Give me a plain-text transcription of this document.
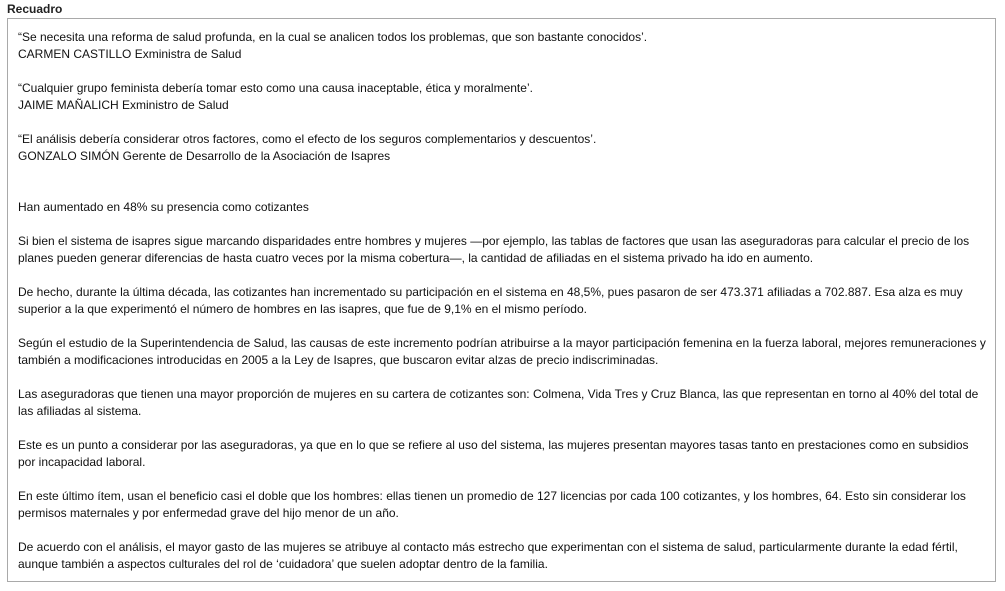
Recuadro

“Se necesita una reforma de salud profunda, en la cual se analicen todos los problemas, que son bastante conocidos’.

CARMEN CASTILLO Exministra de Salud

“Cualquier grupo feminista debería tomar esto como una causa inaceptable, ética y moralmente’.

JAIME MAÑALICH Exministro de Salud

“El análisis debería considerar otros factores, como el efecto de los seguros complementarios y descuentos’.

GONZALO SIMÓN Gerente de Desarrollo de la Asociación de Isapres

Han aumentado en 48% su presencia como cotizantes

Si bien el sistema de isapres sigue marcando disparidades entre hombres y mujeres —por ejemplo, las tablas de factores que usan las aseguradoras para calcular el precio de los planes pueden generar diferencias de hasta cuatro veces por la misma cobertura—, la cantidad de afiliadas en el sistema privado ha ido en aumento.

De hecho, durante la última década, las cotizantes han incrementado su participación en el sistema en 48,5%, pues pasaron de ser 473.371 afiliadas a 702.887. Esa alza es muy superior a la que experimentó el número de hombres en las isapres, que fue de 9,1% en el mismo período.

Según el estudio de la Superintendencia de Salud, las causas de este incremento podrían atribuirse a la mayor participación femenina en la fuerza laboral, mejores remuneraciones y también a modificaciones introducidas en 2005 a la Ley de Isapres, que buscaron evitar alzas de precio indiscriminadas.

Las aseguradoras que tienen una mayor proporción de mujeres en su cartera de cotizantes son: Colmena, Vida Tres y Cruz Blanca, las que representan en torno al 40% del total de las afiliadas al sistema.

Este es un punto a considerar por las aseguradoras, ya que en lo que se refiere al uso del sistema, las mujeres presentan mayores tasas tanto en prestaciones como en subsidios por incapacidad laboral.

En este último ítem, usan el beneficio casi el doble que los hombres: ellas tienen un promedio de 127 licencias por cada 100 cotizantes, y los hombres, 64. Esto sin considerar los permisos maternales y por enfermedad grave del hijo menor de un año.

De acuerdo con el análisis, el mayor gasto de las mujeres se atribuye al contacto más estrecho que experimentan con el sistema de salud, particularmente durante la edad fértil, aunque también a aspectos culturales del rol de ‘cuidadora’ que suelen adoptar dentro de la familia.
